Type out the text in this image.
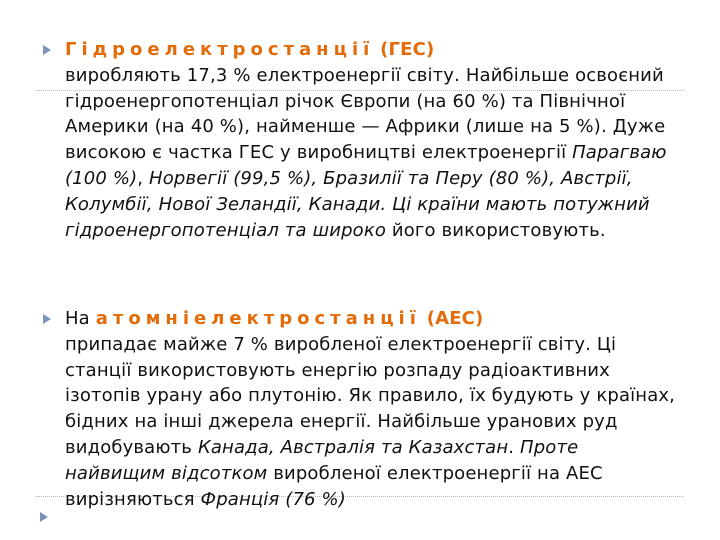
Гідроелектростанції (ГЕС)
виробляють 17,3 % електроенергії світу. Найбільше освоєний гідроенергопотенціал річок Європи (на 60 %) та Північної Америки (на 40 %), найменше — Африки (лише на 5 %). Дуже високою є частка ГЕС у виробництві електроенергії Парагваю (100 %), Норвегії (99,5 %), Бразилії та Перу (80 %), Австрії, Колумбії, Нової Зеландії, Канади. Ці країни мають потужний гідроенергопотенціал та широко його використовують.
На атомніелектростанції (АЕС)
припадає майже 7 % виробленої електроенергії світу. Ці станції використовують енергію розпаду радіоактивних ізотопів урану або плутонію. Як правило, їх будують у країнах, бідних на інші джерела енергії. Найбільше уранових руд видобувають Канада, Австралія та Казахстан. Проте найвищим відсотком виробленої електроенергії на АЕС вирізняються Франція (76 %)
